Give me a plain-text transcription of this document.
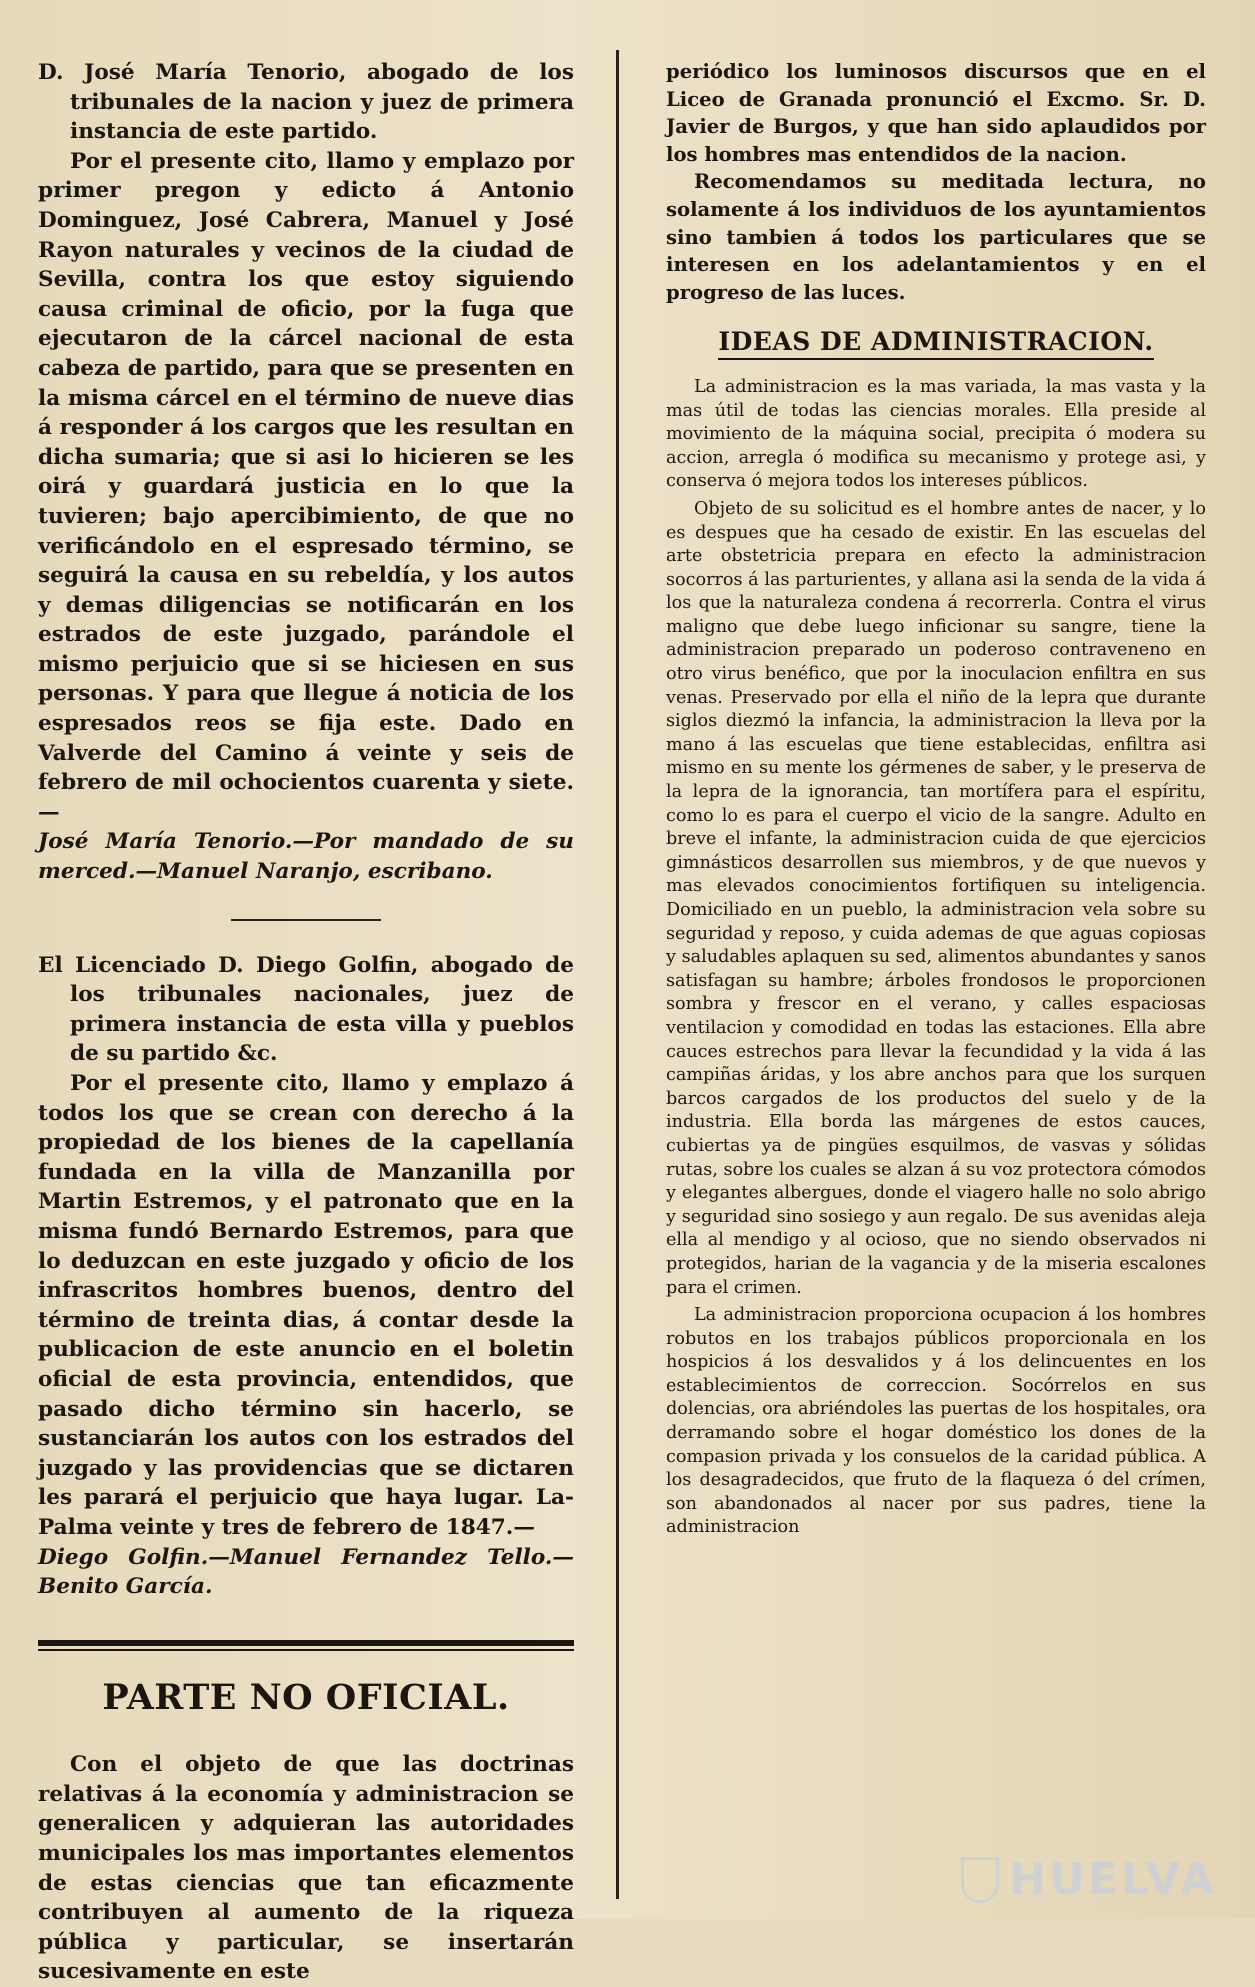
D. José María Tenorio, abogado de los tribunales de la nacion y juez de primera instancia de este partido.

Por el presente cito, llamo y emplazo por primer pregon y edicto á Antonio Dominguez, José Cabrera, Manuel y José Rayon naturales y vecinos de la ciudad de Sevilla, contra los que estoy siguiendo causa criminal de oficio, por la fuga que ejecutaron de la cárcel nacional de esta cabeza de partido, para que se presenten en la misma cárcel en el término de nueve dias á responder á los cargos que les resultan en dicha sumaria; que si asi lo hicieren se les oirá y guardará justicia en lo que la tuvieren; bajo apercibimiento, de que no verificándolo en el espresado término, se seguirá la causa en su rebeldía, y los autos y demas diligencias se notificarán en los estrados de este juzgado, parándole el mismo perjuicio que si se hiciesen en sus personas. Y para que llegue á noticia de los espresados reos se fija este. Dado en Valverde del Camino á veinte y seis de febrero de mil ochocientos cuarenta y siete.—

José María Tenorio.—Por mandado de su merced.—Manuel Naranjo, escribano.

El Licenciado D. Diego Golfin, abogado de los tribunales nacionales, juez de primera instancia de esta villa y pueblos de su partido &c.

Por el presente cito, llamo y emplazo á todos los que se crean con derecho á la propiedad de los bienes de la capellanía fundada en la villa de Manzanilla por Martin Estremos, y el patronato que en la misma fundó Bernardo Estremos, para que lo deduzcan en este juzgado y oficio de los infrascritos hombres buenos, dentro del término de treinta dias, á contar desde la publicacion de este anuncio en el boletin oficial de esta provincia, entendidos, que pasado dicho término sin hacerlo, se sustanciarán los autos con los estrados del juzgado y las providencias que se dictaren les parará el perjuicio que haya lugar. La-Palma veinte y tres de febrero de 1847.—

Diego Golfin.—Manuel Fernandez Tello.—Benito García.

PARTE NO OFICIAL.

Con el objeto de que las doctrinas relativas á la economía y administracion se generalicen y adquieran las autoridades municipales los mas importantes elementos de estas ciencias que tan eficazmente contribuyen al aumento de la riqueza pública y particular, se insertarán sucesivamente en este

periódico los luminosos discursos que en el Liceo de Granada pronunció el Excmo. Sr. D. Javier de Burgos, y que han sido aplaudidos por los hombres mas entendidos de la nacion.

Recomendamos su meditada lectura, no solamente á los individuos de los ayuntamientos sino tambien á todos los particulares que se interesen en los adelantamientos y en el progreso de las luces.

IDEAS DE ADMINISTRACION.

La administracion es la mas variada, la mas vasta y la mas útil de todas las ciencias morales. Ella preside al movimiento de la máquina social, precipita ó modera su accion, arregla ó modifica su mecanismo y protege asi, y conserva ó mejora todos los intereses públicos.

Objeto de su solicitud es el hombre antes de nacer, y lo es despues que ha cesado de existir. En las escuelas del arte obstetricia prepara en efecto la administracion socorros á las parturientes, y allana asi la senda de la vida á los que la naturaleza condena á recorrerla. Contra el virus maligno que debe luego inficionar su sangre, tiene la administracion preparado un poderoso contraveneno en otro virus benéfico, que por la inoculacion enfiltra en sus venas. Preservado por ella el niño de la lepra que durante siglos diezmó la infancia, la administracion la lleva por la mano á las escuelas que tiene establecidas, enfiltra asi mismo en su mente los gérmenes de saber, y le preserva de la lepra de la ignorancia, tan mortífera para el espíritu, como lo es para el cuerpo el vicio de la sangre. Adulto en breve el infante, la administracion cuida de que ejercicios gimnásticos desarrollen sus miembros, y de que nuevos y mas elevados conocimientos fortifiquen su inteligencia. Domiciliado en un pueblo, la administracion vela sobre su seguridad y reposo, y cuida ademas de que aguas copiosas y saludables aplaquen su sed, alimentos abundantes y sanos satisfagan su hambre; árboles frondosos le proporcionen sombra y frescor en el verano, y calles espaciosas ventilacion y comodidad en todas las estaciones. Ella abre cauces estrechos para llevar la fecundidad y la vida á las campiñas áridas, y los abre anchos para que los surquen barcos cargados de los productos del suelo y de la industria. Ella borda las márgenes de estos cauces, cubiertas ya de pingües esquilmos, de vasvas y sólidas rutas, sobre los cuales se alzan á su voz protectora cómodos y elegantes albergues, donde el viagero halle no solo abrigo y seguridad sino sosiego y aun regalo. De sus avenidas aleja ella al mendigo y al ocioso, que no siendo observados ni protegidos, harian de la vagancia y de la miseria escalones para el crimen.

La administracion proporciona ocupacion á los hombres robutos en los trabajos públicos proporcionala en los hospicios á los desvalidos y á los delincuentes en los establecimientos de correccion. Socórrelos en sus dolencias, ora abriéndoles las puertas de los hospitales, ora derramando sobre el hogar doméstico los dones de la compasion privada y los consuelos de la caridad pública. A los desagradecidos, que fruto de la flaqueza ó del crímen, son abandonados al nacer por sus padres, tiene la administracion

HUELVA
